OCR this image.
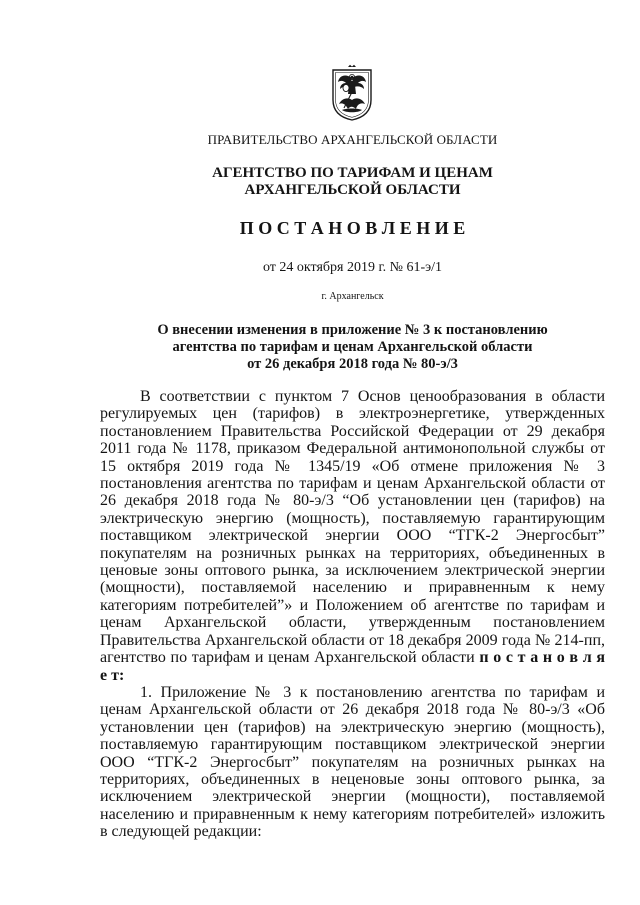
ПРАВИТЕЛЬСТВО АРХАНГЕЛЬСКОЙ ОБЛАСТИ
АГЕНТСТВО ПО ТАРИФАМ И ЦЕНАМ
АРХАНГЕЛЬСКОЙ ОБЛАСТИ
П О С Т А Н О В Л Е Н И Е
от 24 октября 2019 г. № 61-э/1
г. Архангельск
О внесении изменения в приложение № 3 к постановлению
агентства по тарифам и ценам Архангельской области
от 26 декабря 2018 года № 80-э/3

В соответствии с пунктом 7 Основ ценообразования в области регулируемых цен (тарифов) в электроэнергетике, утвержденных постановлением Правительства Российской Федерации от 29 декабря 2011 года № 1178, приказом Федеральной антимонопольной службы от 15 октября 2019 года № 1345/19 «Об отмене приложения № 3 постановления агентства по тарифам и ценам Архангельской области от 26 декабря 2018 года № 80-э/3 “Об установлении цен (тарифов) на электрическую энергию (мощность), поставляемую гарантирующим поставщиком электрической энергии ООО “ТГК-2 Энергосбыт” покупателям на розничных рынках на территориях, объединенных в ценовые зоны оптового рынка, за исключением электрической энергии (мощности), поставляемой населению и приравненным к нему категориям потребителей”» и Положением об агентстве по тарифам и ценам Архангельской области, утвержденным постановлением Правительства Архангельской области от 18 декабря 2009 года № 214-пп, агентство по тарифам и ценам Архангельской области п о с т а н о в л я е т:

1. Приложение № 3 к постановлению агентства по тарифам и ценам Архангельской области от 26 декабря 2018 года № 80-э/3 «Об установлении цен (тарифов) на электрическую энергию (мощность), поставляемую гарантирующим поставщиком электрической энергии ООО “ТГК-2 Энергосбыт” покупателям на розничных рынках на территориях, объединенных в неценовые зоны оптового рынка, за исключением электрической энергии (мощности), поставляемой населению и приравненным к нему категориям потребителей» изложить в следующей редакции:
